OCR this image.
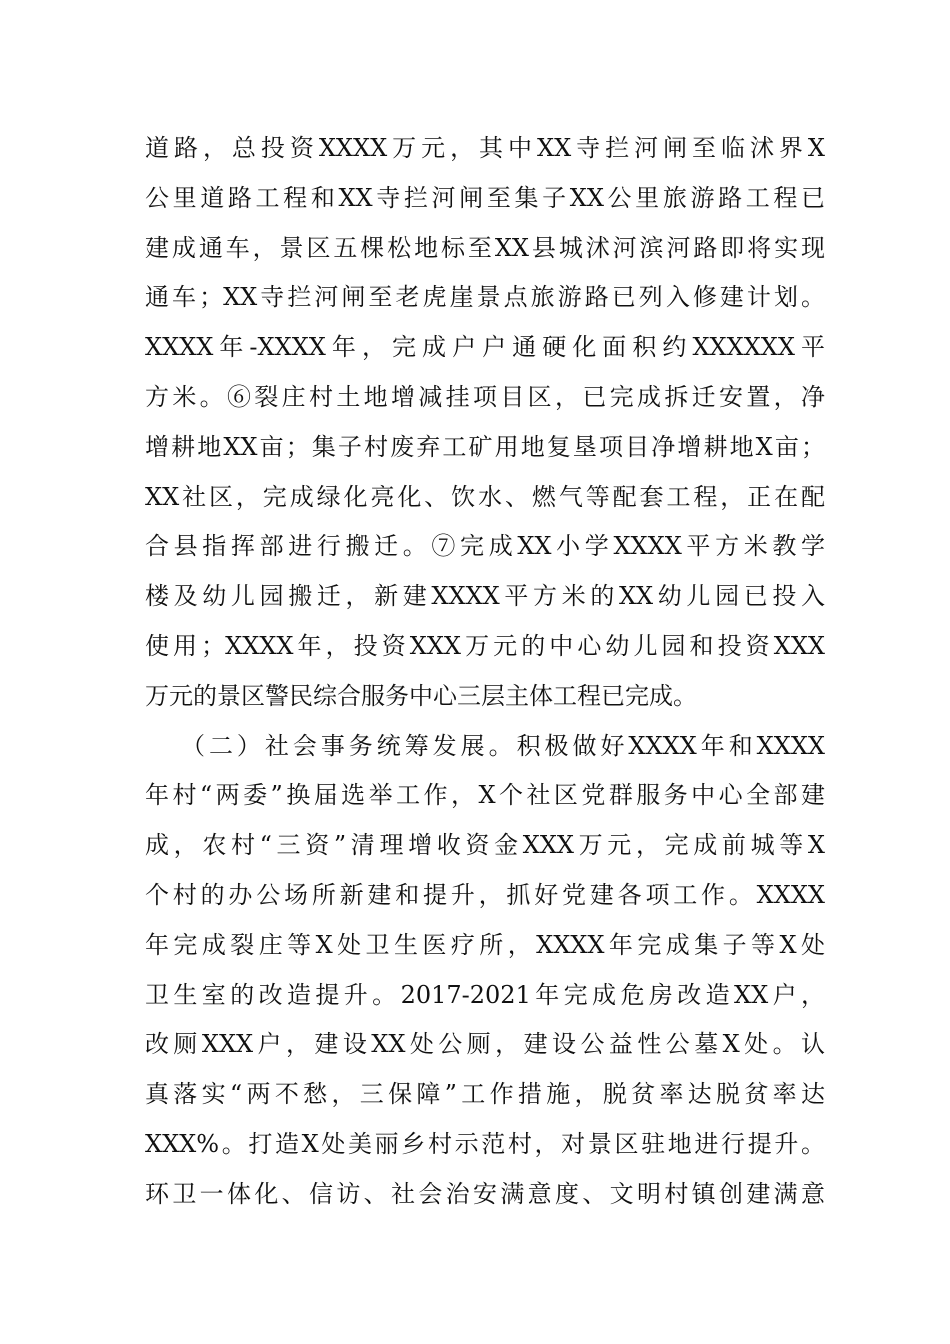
道路，总投资XXXX万元，其中XX寺拦河闸至临沭界X
公里道路工程和XX寺拦河闸至集子XX公里旅游路工程已
建成通车，景区五棵松地标至XX县城沭河滨河路即将实现
通车；XX寺拦河闸至老虎崖景点旅游路已列入修建计划。
XXXX年-XXXX年，完成户户通硬化面积约XXXXXX平
方米。⑥裂庄村土地增减挂项目区，已完成拆迁安置，净
增耕地XX亩；集子村废弃工矿用地复垦项目净增耕地X亩；
XX社区，完成绿化亮化、饮水、燃气等配套工程，正在配
合县指挥部进行搬迁。⑦完成XX小学XXXX平方米教学
楼及幼儿园搬迁，新建XXXX平方米的XX幼儿园已投入
使用；XXXX年，投资XXX万元的中心幼儿园和投资XXX
万元的景区警民综合服务中心三层主体工程已完成。
（二）社会事务统筹发展。积极做好XXXX年和XXXX
年村“两委”换届选举工作，X个社区党群服务中心全部建
成，农村“三资”清理增收资金XXX万元，完成前城等X
个村的办公场所新建和提升，抓好党建各项工作。XXXX
年完成裂庄等X处卫生医疗所，XXXX年完成集子等X处
卫生室的改造提升。2017-2021年完成危房改造XX户，
改厕XXX户，建设XX处公厕，建设公益性公墓X处。认
真落实“两不愁，三保障”工作措施，脱贫率达脱贫率达
XXX%。打造X处美丽乡村示范村，对景区驻地进行提升。
环卫一体化、信访、社会治安满意度、文明村镇创建满意
